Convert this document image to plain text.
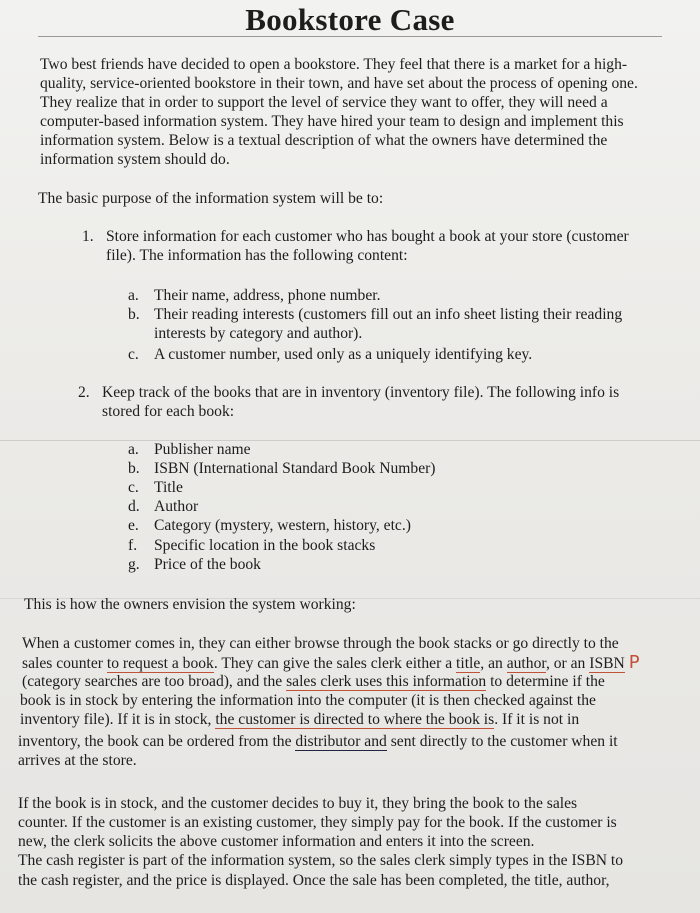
Bookstore Case
Two best friends have decided to open a bookstore. They feel that there is a market for a high-
quality, service-oriented bookstore in their town, and have set about the process of opening one.
They realize that in order to support the level of service they want to offer, they will need a
computer-based information system. They have hired your team to design and implement this
information system. Below is a textual description of what the owners have determined the
information system should do.
The basic purpose of the information system will be to:
1. Store information for each customer who has bought a book at your store (customer
file). The information has the following content:
a. Their name, address, phone number.
b. Their reading interests (customers fill out an info sheet listing their reading
interests by category and author).
c. A customer number, used only as a uniquely identifying key.
2. Keep track of the books that are in inventory (inventory file). The following info is
stored for each book:
a. Publisher name
b. ISBN (International Standard Book Number)
c. Title
d. Author
e. Category (mystery, western, history, etc.)
f. Specific location in the book stacks
g. Price of the book
This is how the owners envision the system working:
When a customer comes in, they can either browse through the book stacks or go directly to the
sales counter to request a book. They can give the sales clerk either a title, an author, or an ISBN P
(category searches are too broad), and the sales clerk uses this information to determine if the
book is in stock by entering the information into the computer (it is then checked against the
inventory file). If it is in stock, the customer is directed to where the book is. If it is not in
inventory, the book can be ordered from the distributor and sent directly to the customer when it
arrives at the store.
If the book is in stock, and the customer decides to buy it, they bring the book to the sales
counter. If the customer is an existing customer, they simply pay for the book. If the customer is
new, the clerk solicits the above customer information and enters it into the screen.
The cash register is part of the information system, so the sales clerk simply types in the ISBN to
the cash register, and the price is displayed. Once the sale has been completed, the title, author,
